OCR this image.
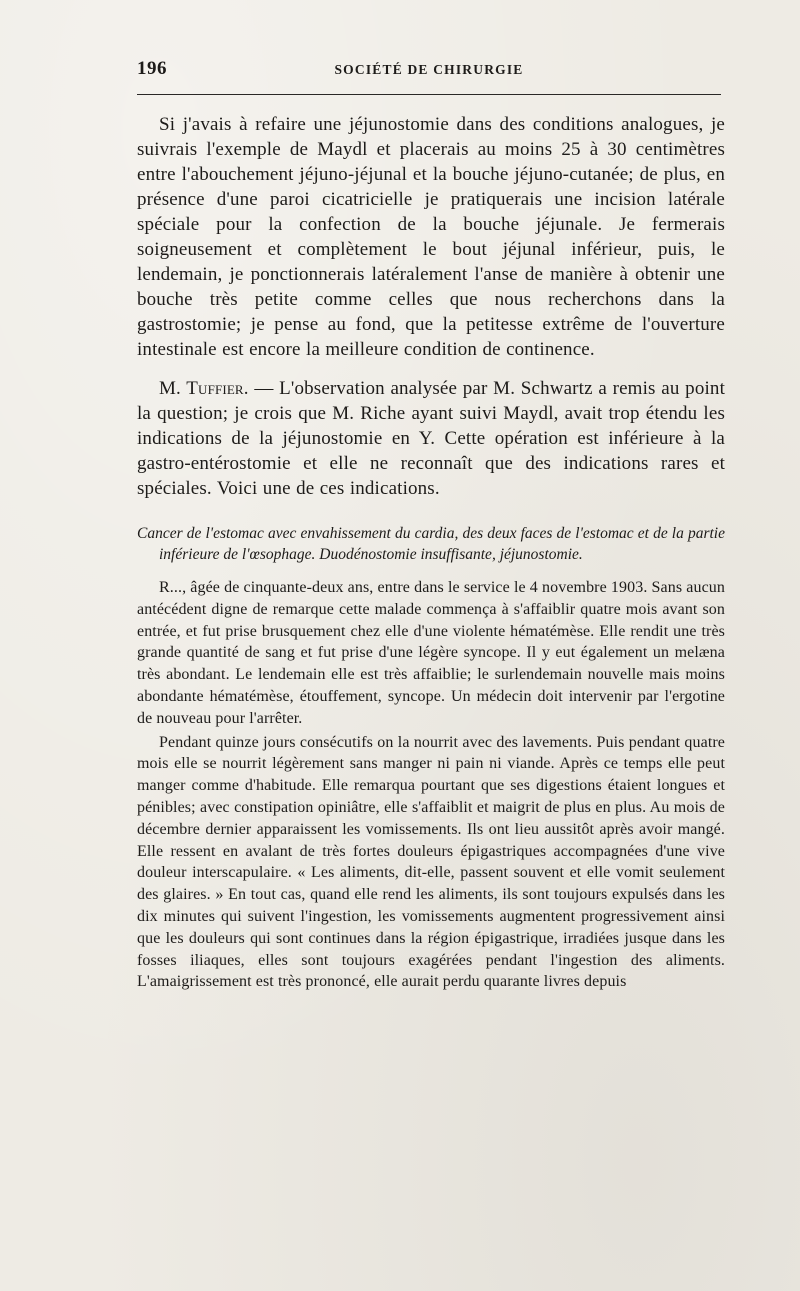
196	SOCIÉTÉ DE CHIRURGIE

Si j'avais à refaire une jéjunostomie dans des conditions analogues, je suivrais l'exemple de Maydl et placerais au moins 25 à 30 centimètres entre l'abouchement jéjuno-jéjunal et la bouche jéjuno-cutanée; de plus, en présence d'une paroi cicatricielle je pratiquerais une incision latérale spéciale pour la confection de la bouche jéjunale. Je fermerais soigneusement et complètement le bout jéjunal inférieur, puis, le lendemain, je ponctionnerais latéralement l'anse de manière à obtenir une bouche très petite comme celles que nous recherchons dans la gastrostomie; je pense au fond, que la petitesse extrême de l'ouverture intestinale est encore la meilleure condition de continence.

M. Tuffier. — L'observation analysée par M. Schwartz a remis au point la question; je crois que M. Riche ayant suivi Maydl, avait trop étendu les indications de la jéjunostomie en Y. Cette opération est inférieure à la gastro-entérostomie et elle ne reconnaît que des indications rares et spéciales. Voici une de ces indications.

Cancer de l'estomac avec envahissement du cardia, des deux faces de l'estomac et de la partie inférieure de l'œsophage. Duodénostomie insuffisante, jéjunostomie.

R..., âgée de cinquante-deux ans, entre dans le service le 4 novembre 1903. Sans aucun antécédent digne de remarque cette malade commença à s'affaiblir quatre mois avant son entrée, et fut prise brusquement chez elle d'une violente hématémèse. Elle rendit une très grande quantité de sang et fut prise d'une légère syncope. Il y eut également un melæna très abondant. Le lendemain elle est très affaiblie; le surlendemain nouvelle mais moins abondante hématémèse, étouffement, syncope. Un médecin doit intervenir par l'ergotine de nouveau pour l'arrêter.

Pendant quinze jours consécutifs on la nourrit avec des lavements. Puis pendant quatre mois elle se nourrit légèrement sans manger ni pain ni viande. Après ce temps elle peut manger comme d'habitude. Elle remarqua pourtant que ses digestions étaient longues et pénibles; avec constipation opiniâtre, elle s'affaiblit et maigrit de plus en plus. Au mois de décembre dernier apparaissent les vomissements. Ils ont lieu aussitôt après avoir mangé. Elle ressent en avalant de très fortes douleurs épigastriques accompagnées d'une vive douleur interscapulaire. « Les aliments, dit-elle, passent souvent et elle vomit seulement des glaires. » En tout cas, quand elle rend les aliments, ils sont toujours expulsés dans les dix minutes qui suivent l'ingestion, les vomissements augmentent progressivement ainsi que les douleurs qui sont continues dans la région épigastrique, irradiées jusque dans les fosses iliaques, elles sont toujours exagérées pendant l'ingestion des aliments. L'amaigrissement est très prononcé, elle aurait perdu quarante livres depuis
